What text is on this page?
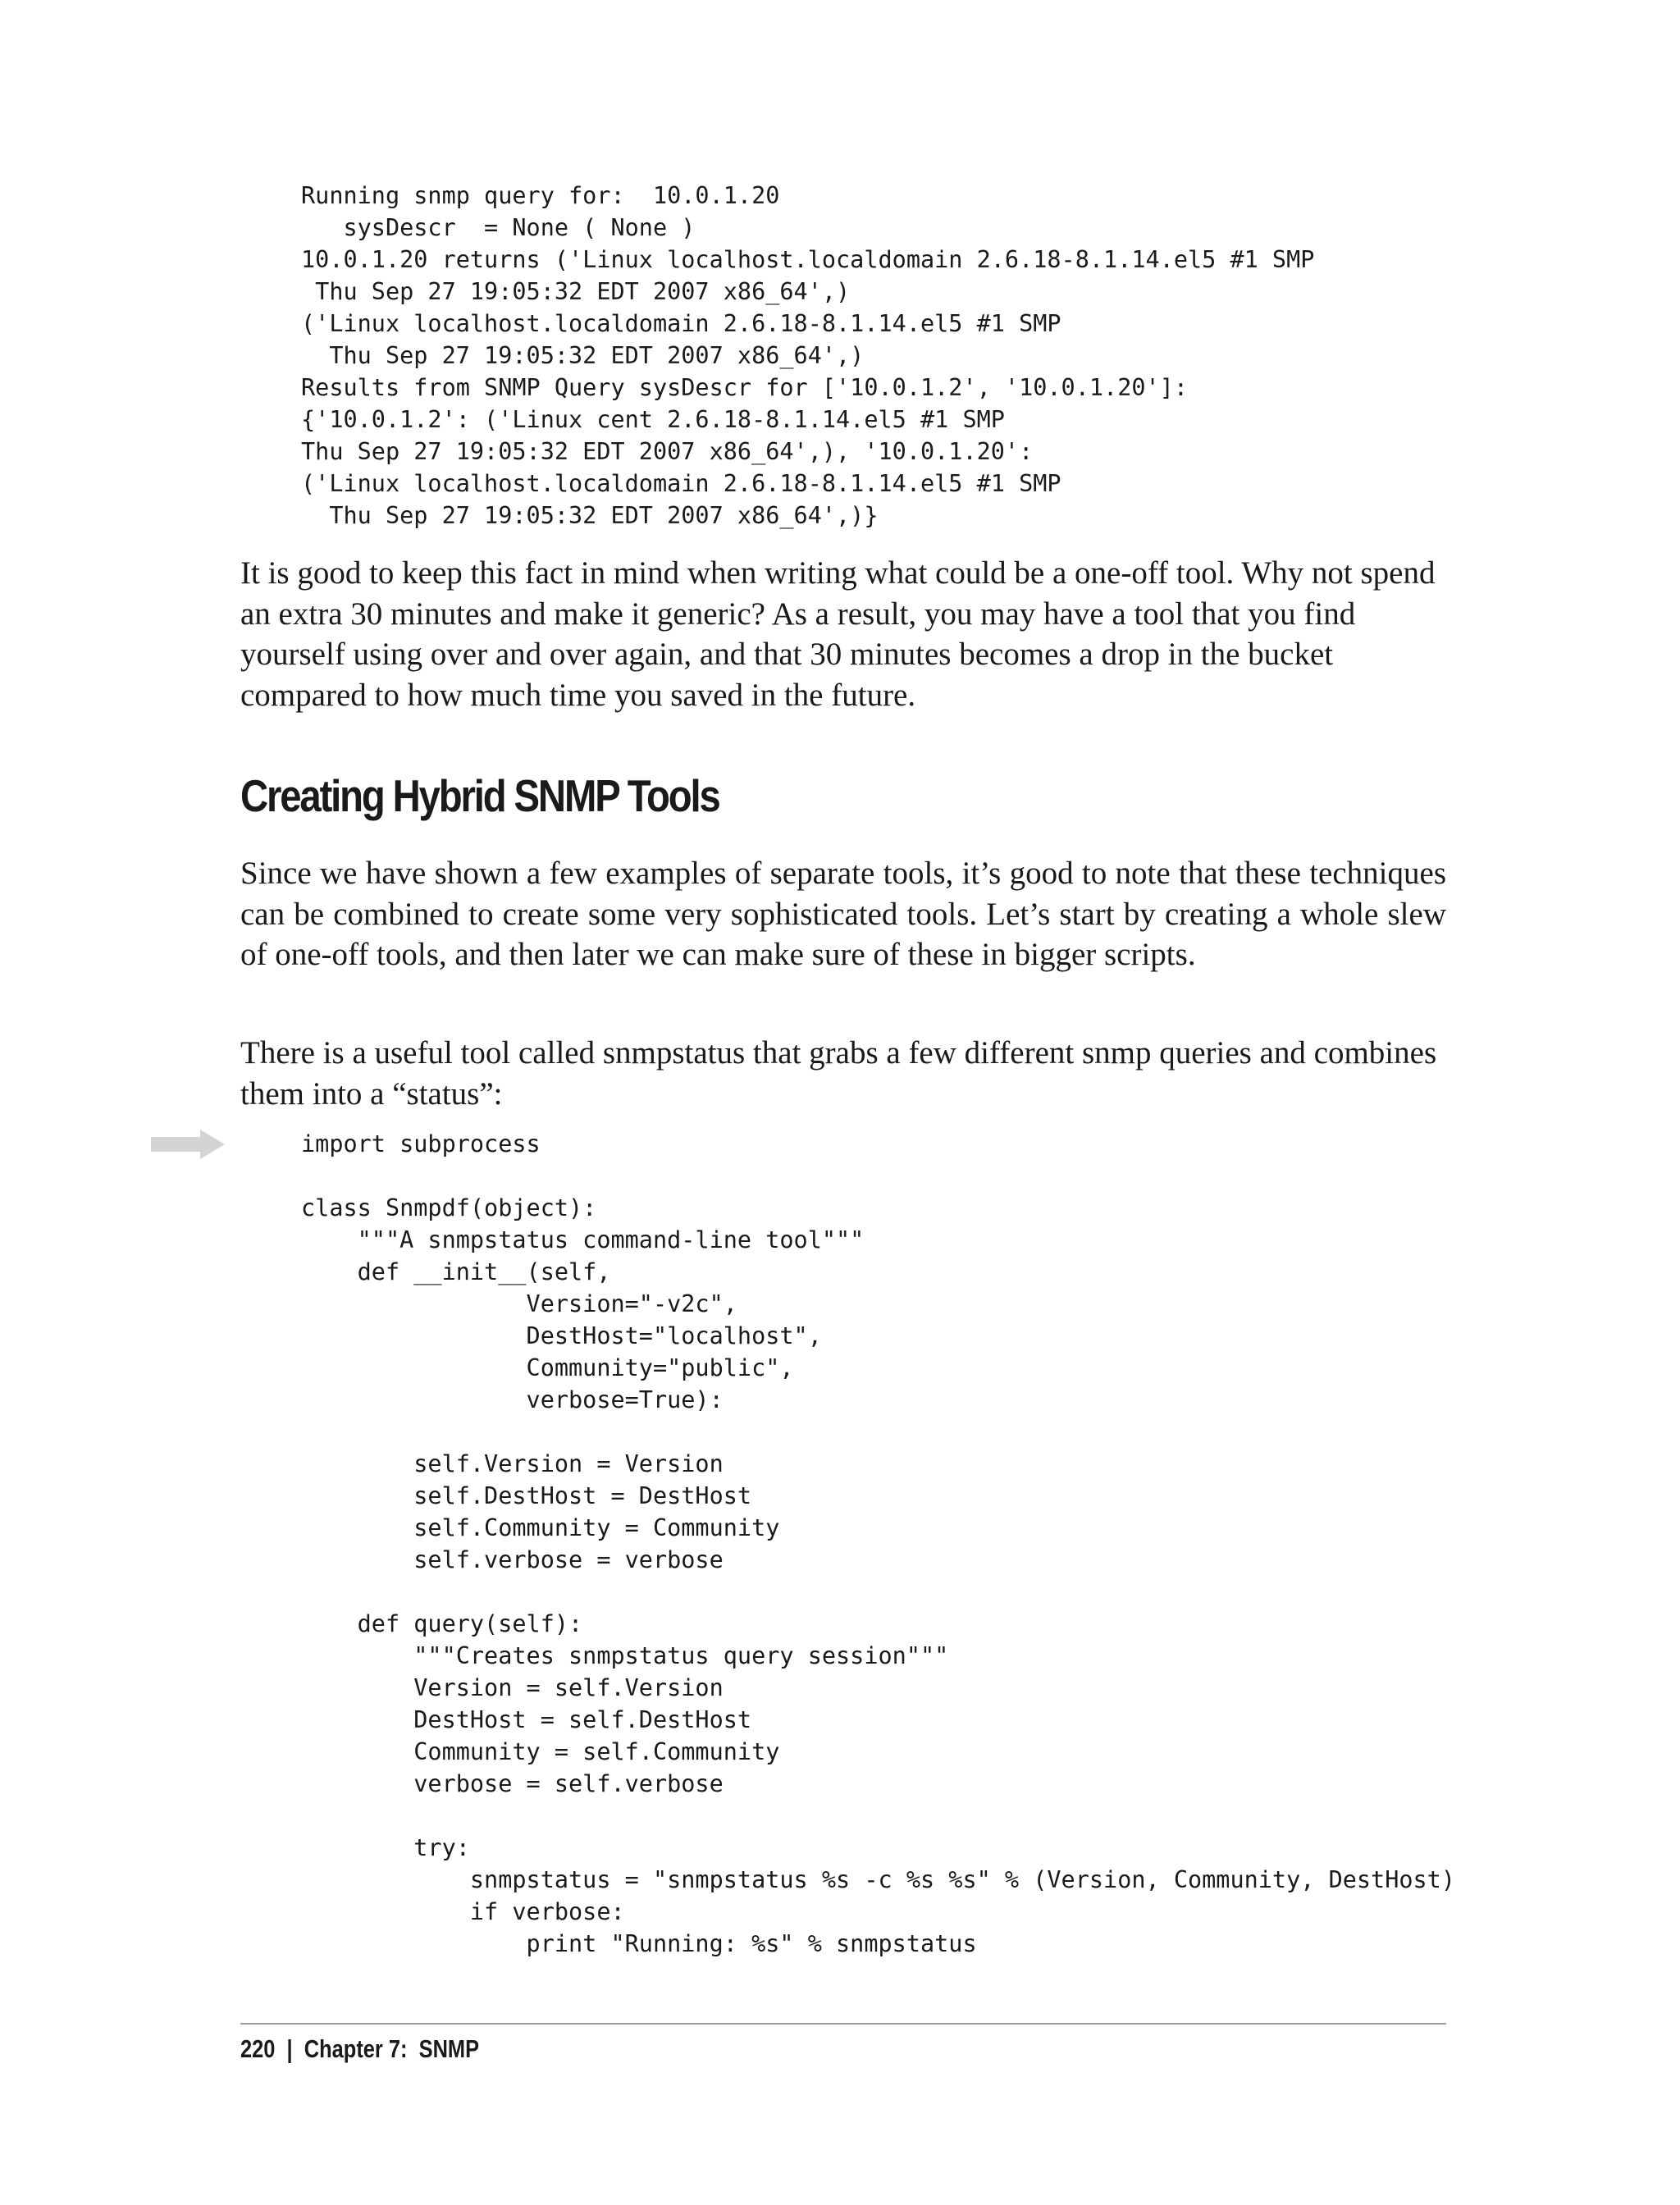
Running snmp query for:  10.0.1.20
sysDescr  = None ( None )
10.0.1.20 returns ('Linux localhost.localdomain 2.6.18-8.1.14.el5 #1 SMP
Thu Sep 27 19:05:32 EDT 2007 x86_64',)
('Linux localhost.localdomain 2.6.18-8.1.14.el5 #1 SMP
Thu Sep 27 19:05:32 EDT 2007 x86_64',)
Results from SNMP Query sysDescr for ['10.0.1.2', '10.0.1.20']:
{'10.0.1.2': ('Linux cent 2.6.18-8.1.14.el5 #1 SMP
Thu Sep 27 19:05:32 EDT 2007 x86_64',), '10.0.1.20':
('Linux localhost.localdomain 2.6.18-8.1.14.el5 #1 SMP
Thu Sep 27 19:05:32 EDT 2007 x86_64',)}

It is good to keep this fact in mind when writing what could be a one-off tool. Why not spend an extra 30 minutes and make it generic? As a result, you may have a tool that you find yourself using over and over again, and that 30 minutes becomes a drop in the bucket compared to how much time you saved in the future.

Creating Hybrid SNMP Tools

Since we have shown a few examples of separate tools, it’s good to note that these techniques can be combined to create some very sophisticated tools. Let’s start by creating a whole slew of one-off tools, and then later we can make sure of these in bigger scripts.

There is a useful tool called snmpstatus that grabs a few different snmp queries and combines them into a “status”:

import subprocess

class Snmpdf(object):
"""A snmpstatus command-line tool"""
def __init__(self,
Version="-v2c",
DestHost="localhost",
Community="public",
verbose=True):

self.Version = Version
self.DestHost = DestHost
self.Community = Community
self.verbose = verbose

def query(self):
"""Creates snmpstatus query session"""
Version = self.Version
DestHost = self.DestHost
Community = self.Community
verbose = self.verbose

try:
snmpstatus = "snmpstatus %s -c %s %s" % (Version, Community, DestHost)
if verbose:
print "Running: %s" % snmpstatus
220  |  Chapter 7:  SNMP
